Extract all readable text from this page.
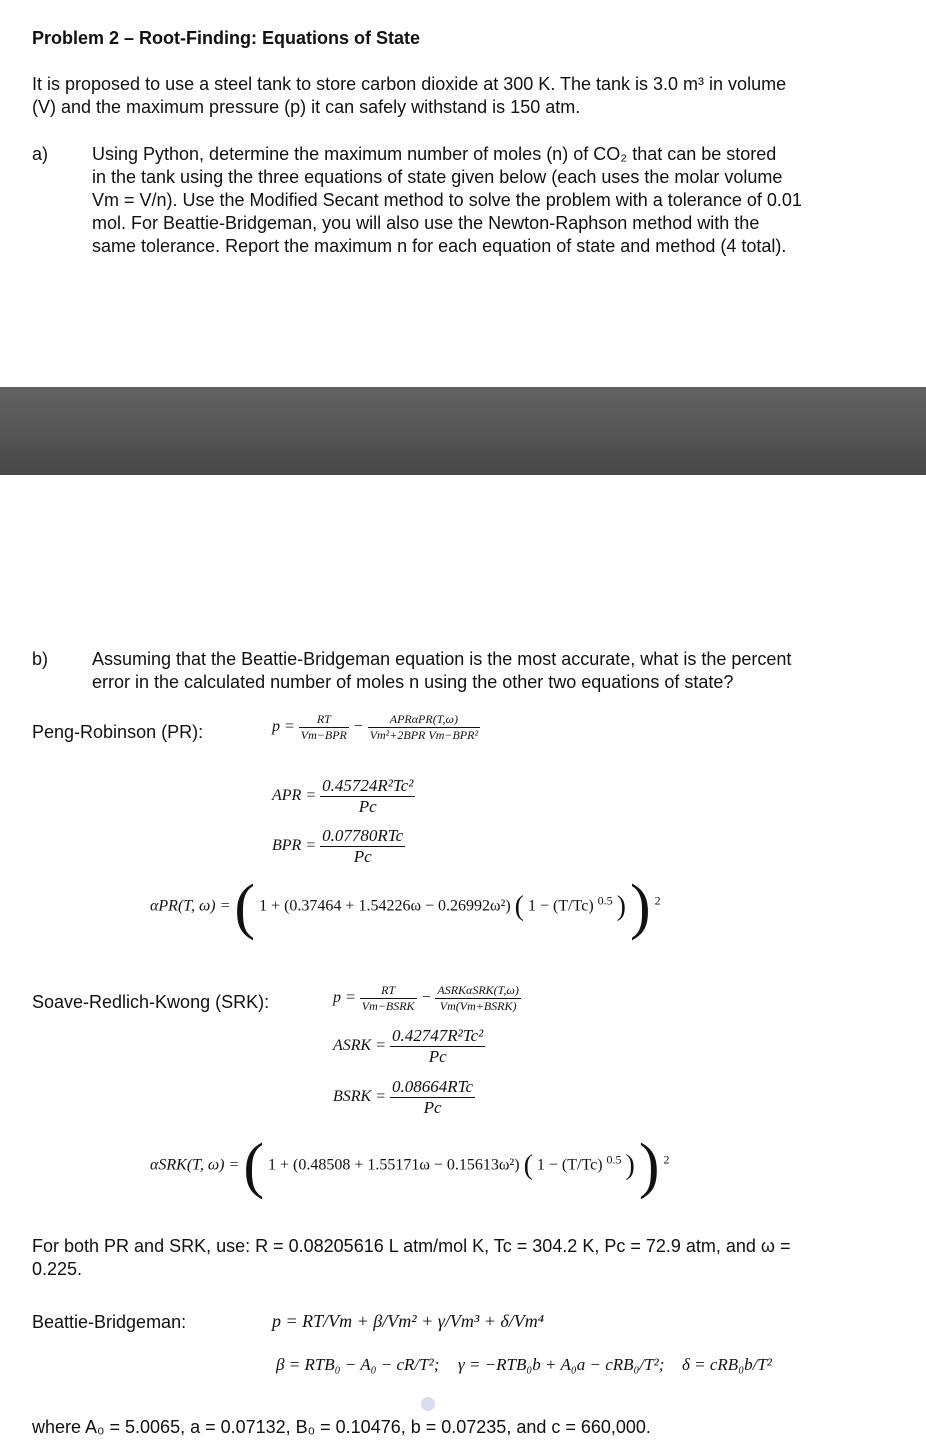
Problem 2 – Root-Finding: Equations of State
It is proposed to use a steel tank to store carbon dioxide at 300 K. The tank is 3.0 m³ in volume
(V) and the maximum pressure (p) it can safely withstand is 150 atm.
a) Using Python, determine the maximum number of moles (n) of CO₂ that can be stored
in the tank using the three equations of state given below (each uses the molar volume
Vm = V/n). Use the Modified Secant method to solve the problem with a tolerance of 0.01
mol. For Beattie-Bridgeman, you will also use the Newton-Raphson method with the
same tolerance. Report the maximum n for each equation of state and method (4 total).
b) Assuming that the Beattie-Bridgeman equation is the most accurate, what is the percent
error in the calculated number of moles n using the other two equations of state?
Peng-Robinson (PR):	$p = \frac{RT}{\text{Vm−BPR}} - \frac{\text{APRαPR(T,ω)}}{\text{Vm²+2BPR Vm−BPR²}}$
APR = $\frac{\text{0.45724R²Tc²}}{Pc}$
BPR = $\frac{\text{0.07780RTc}}{Pc}$
αPR(T, ω) = ( 1 + (0.37464 + 1.54226ω − 0.26992ω²) ( 1 − (T/Tc) $^{0.5}$ ) ) $^2$
Soave-Redlich-Kwong (SRK):	$p = \frac{RT}{\text{Vm−BSRK}} - \frac{\text{ASRKαSRK(T,ω)}}{\text{Vm(Vm+BSRK)}}$
ASRK = $\frac{\text{0.42747R²Tc²}}{Pc}$
BSRK = $\frac{\text{0.08664RTc}}{Pc}$
αSRK(T, ω) = ( 1 + (0.48508 + 1.55171ω − 0.15613ω²) ( 1 − (T/Tc) $^{0.5}$ ) ) $^2$
For both PR and SRK, use: R = 0.08205616 L atm/mol K, Tc = 304.2 K, Pc = 72.9 atm, and ω =
0.225.
Beattie-Bridgeman:	p = RT/Vm + β/Vm² + γ/Vm³ + δ/Vm⁴
β = RTB₀ − A₀ − cR/T²; γ = −RTB₀b + A₀a − cRB₀/T²; δ = cRB₀b/T²
where A₀ = 5.0065, a = 0.07132, B₀ = 0.10476, b = 0.07235, and c = 660,000.
